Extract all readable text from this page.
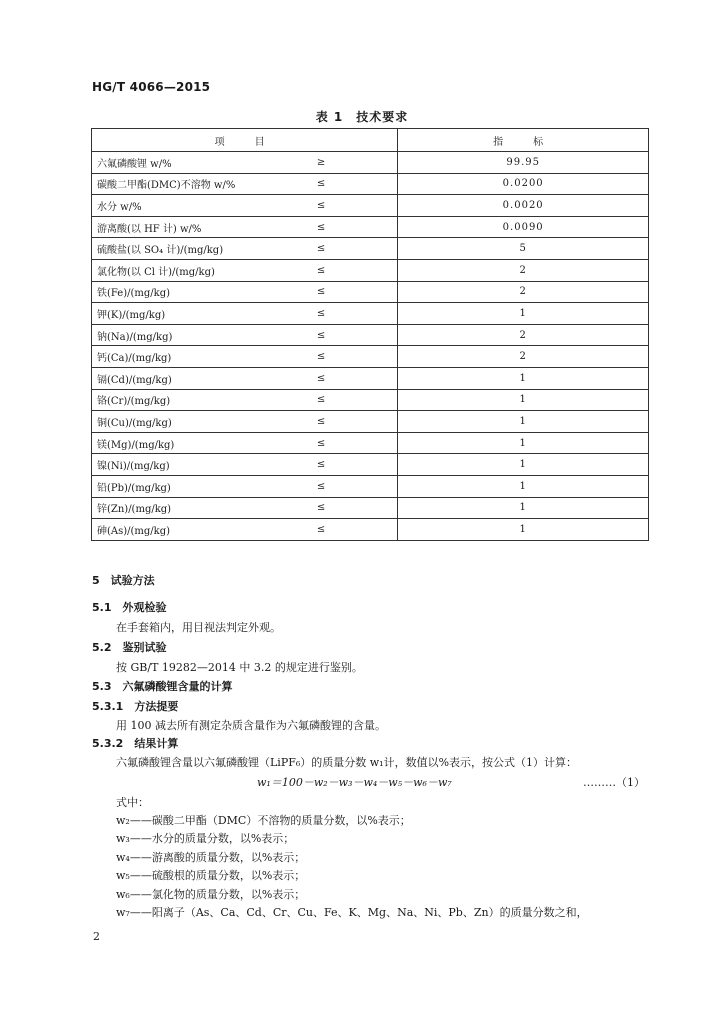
HG/T 4066—2015
表 1　技术要求
项　目		指　标
六氟磷酸锂 w/%	≥	99.95
碳酸二甲酯(DMC)不溶物 w/%	≤	0.0200
水分 w/%	≤	0.0020
游离酸(以 HF 计) w/%	≤	0.0090
硫酸盐(以 SO₄ 计)/(mg/kg)	≤	5
氯化物(以 Cl 计)/(mg/kg)	≤	2
铁(Fe)/(mg/kg)	≤	2
钾(K)/(mg/kg)	≤	1
钠(Na)/(mg/kg)	≤	2
钙(Ca)/(mg/kg)	≤	2
镉(Cd)/(mg/kg)	≤	1
铬(Cr)/(mg/kg)	≤	1
铜(Cu)/(mg/kg)	≤	1
镁(Mg)/(mg/kg)	≤	1
镍(Ni)/(mg/kg)	≤	1
铅(Pb)/(mg/kg)	≤	1
锌(Zn)/(mg/kg)	≤	1
砷(As)/(mg/kg)	≤	1
5　试验方法
5.1　外观检验
在手套箱内，用目视法判定外观。
5.2　鉴别试验
按 GB/T 19282—2014 中 3.2 的规定进行鉴别。
5.3　六氟磷酸锂含量的计算
5.3.1　方法提要
用 100 减去所有测定杂质含量作为六氟磷酸锂的含量。
5.3.2　结果计算
六氟磷酸锂含量以六氟磷酸锂（LiPF₆）的质量分数 w₁计，数值以%表示，按公式（1）计算：
w₁＝100－w₂－w₃－w₄－w₅－w₆－w₇	………（1）
式中：
w₂——碳酸二甲酯（DMC）不溶物的质量分数，以%表示；
w₃——水分的质量分数，以%表示；
w₄——游离酸的质量分数，以%表示；
w₅——硫酸根的质量分数，以%表示；
w₆——氯化物的质量分数，以%表示；
w₇——阳离子（As、Ca、Cd、Cr、Cu、Fe、K、Mg、Na、Ni、Pb、Zn）的质量分数之和，
2
